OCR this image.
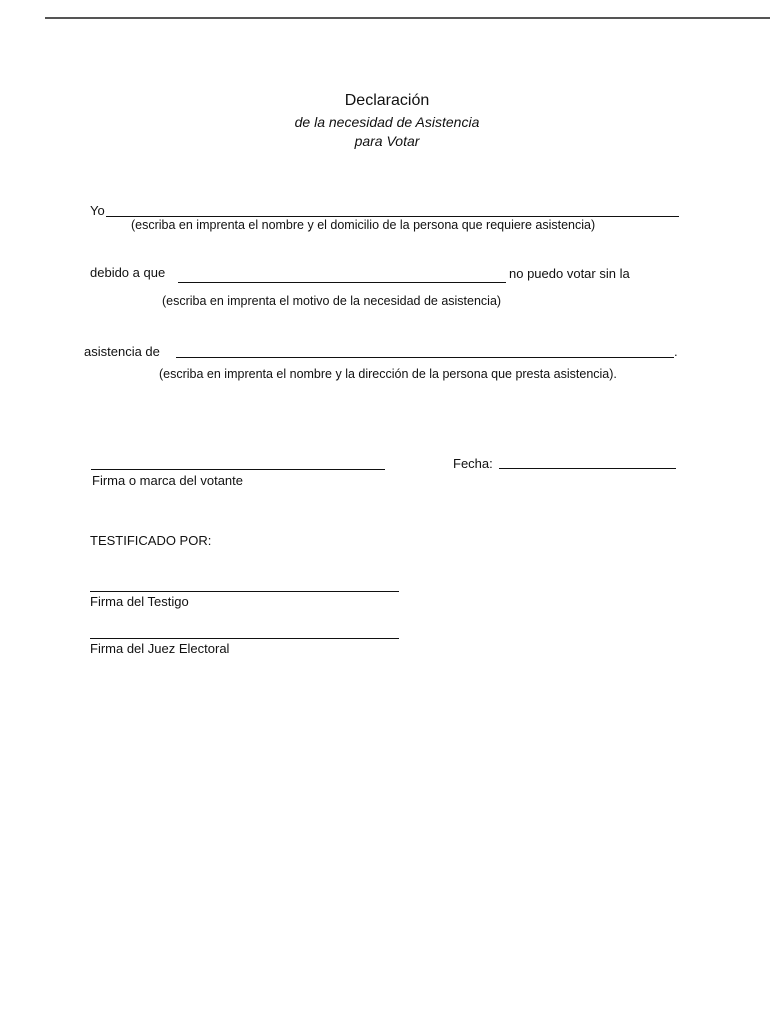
Declaración
de la necesidad de Asistencia
para Votar
Yo
(escriba en imprenta el nombre y el domicilio de la persona que requiere asistencia)
debido a que	no puedo votar sin la
(escriba en imprenta el motivo de la necesidad de asistencia)
asistencia de	.
(escriba en imprenta el nombre y la dirección de la persona que presta asistencia).
Firma o marca del votante
Fecha:
TESTIFICADO POR:
Firma del Testigo
Firma del Juez Electoral
